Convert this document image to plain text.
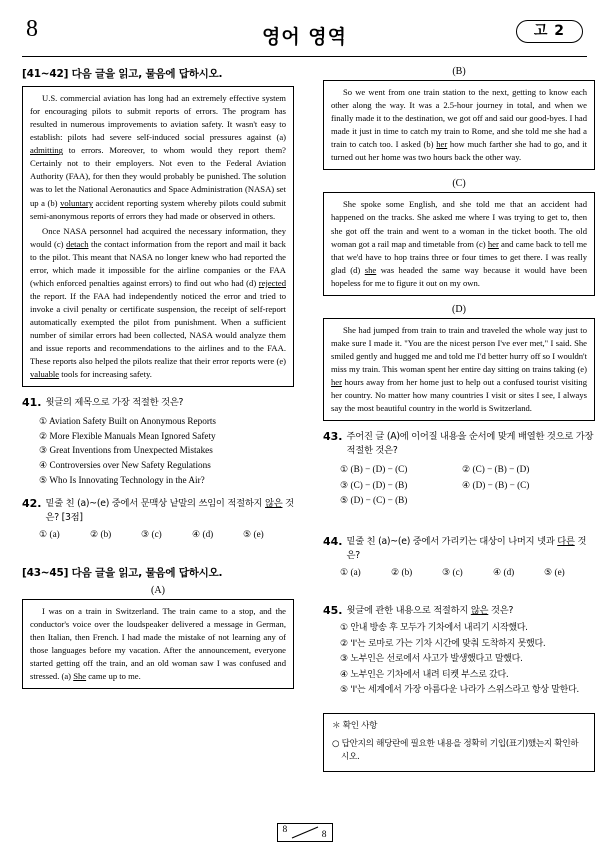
8	영어 영역	고 2
[41~42] 다음 글을 읽고, 물음에 답하시오.

U.S. commercial aviation has long had an extremely effective system for encouraging pilots to submit reports of errors. The program has resulted in numerous improvements to aviation safety. It wasn't easy to establish: pilots had severe self-induced social pressures against (a) admitting to errors. Moreover, to whom would they report them? Certainly not to their employers. Not even to the Federal Aviation Authority (FAA), for then they would probably be punished. The solution was to let the National Aeronautics and Space Administration (NASA) set up a (b) voluntary accident reporting system whereby pilots could submit semi-anonymous reports of errors they had made or observed in others.

Once NASA personnel had acquired the necessary information, they would (c) detach the contact information from the report and mail it back to the pilot. This meant that NASA no longer knew who had reported the error, which made it impossible for the airline companies or the FAA (which enforced penalties against errors) to find out who had (d) rejected the report. If the FAA had independently noticed the error and tried to invoke a civil penalty or certificate suspension, the receipt of self-report automatically exempted the pilot from punishment. When a sufficient number of similar errors had been collected, NASA would analyze them and issue reports and recommendations to the airlines and to the FAA. These reports also helped the pilots realize that their error reports were (e) valuable tools for increasing safety.

41. 윗글의 제목으로 가장 적절한 것은?
① Aviation Safety Built on Anonymous Reports
② More Flexible Manuals Mean Ignored Safety
③ Great Inventions from Unexpected Mistakes
④ Controversies over New Safety Regulations
⑤ Who Is Innovating Technology in the Air?
42. 밑줄 친 (a)~(e) 중에서 문맥상 낱말의 쓰임이 적절하지 않은 것은? [3점]
① (a)	② (b)	③ (c)	④ (d)	⑤ (e)
[43~45] 다음 글을 읽고, 물음에 답하시오.
(A)

I was on a train in Switzerland. The train came to a stop, and the conductor's voice over the loudspeaker delivered a message in German, then Italian, then French. I had made the mistake of not learning any of those languages before my vacation. After the announcement, everyone started getting off the train, and an old woman saw I was confused and stressed. (a) She came up to me.

(B)

So we went from one train station to the next, getting to know each other along the way. It was a 2.5-hour journey in total, and when we finally made it to the destination, we got off and said our good-byes. I had made it just in time to catch my train to Rome, and she told me she had a train to catch too. I asked (b) her how much farther she had to go, and it turned out her home was two hours back the other way.

(C)

She spoke some English, and she told me that an accident had happened on the tracks. She asked me where I was trying to get to, then she got off the train and went to a woman in the ticket booth. The old woman got a rail map and timetable from (c) her and came back to tell me that we'd have to hop trains three or four times to get there. I was really glad (d) she was headed the same way because it would have been hopeless for me to figure it out on my own.

(D)

She had jumped from train to train and traveled the whole way just to make sure I made it. "You are the nicest person I've ever met," I said. She smiled gently and hugged me and told me I'd better hurry off so I wouldn't miss my train. This woman spent her entire day sitting on trains taking (e) her hours away from her home just to help out a confused tourist visiting her country. No matter how many countries I visit or sites I see, I always say the most beautiful country in the world is Switzerland.

43. 주어진 글 (A)에 이어질 내용을 순서에 맞게 배열한 것으로 가장 적절한 것은?
① (B) − (D) − (C)	② (C) − (B) − (D)
③ (C) − (D) − (B)	④ (D) − (B) − (C)
⑤ (D) − (C) − (B)
44. 밑줄 친 (a)~(e) 중에서 가리키는 대상이 나머지 넷과 다른 것은?
① (a)	② (b)	③ (c)	④ (d)	⑤ (e)
45. 윗글에 관한 내용으로 적절하지 않은 것은?
① 안내 방송 후 모두가 기차에서 내리기 시작했다.
② 'I'는 로마로 가는 기차 시간에 맞춰 도착하지 못했다.
③ 노부인은 선로에서 사고가 발생했다고 말했다.
④ 노부인은 기차에서 내려 티켓 부스로 갔다.
⑤ 'I'는 세계에서 가장 아름다운 나라가 스위스라고 항상 말한다.

＊ 확인 사항

○ 답안지의 해당란에 필요한 내용을 정확히 기입(표기)했는지 확인하시오.

8	8
